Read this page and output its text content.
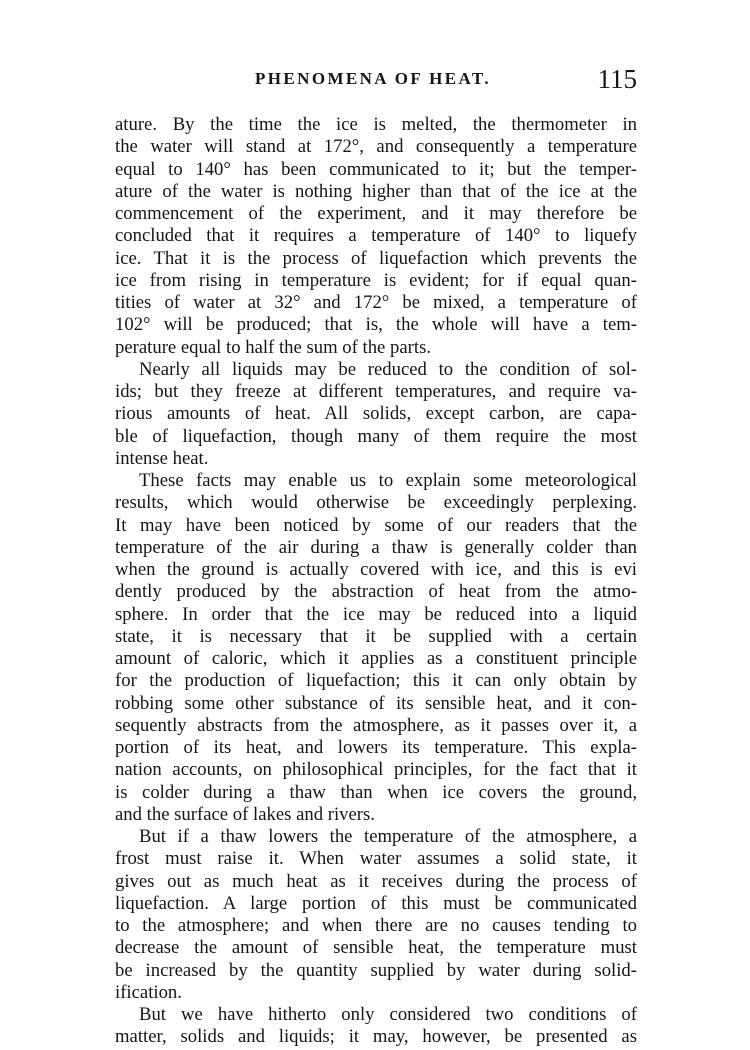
PHENOMENA OF HEAT.	115
ature. By the time the ice is melted, the thermometer in
the water will stand at 172°, and consequently a temperature
equal to 140° has been communicated to it; but the temper-
ature of the water is nothing higher than that of the ice at the
commencement of the experiment, and it may therefore be
concluded that it requires a temperature of 140° to liquefy
ice. That it is the process of liquefaction which prevents the
ice from rising in temperature is evident; for if equal quan-
tities of water at 32° and 172° be mixed, a temperature of
102° will be produced; that is, the whole will have a tem-
perature equal to half the sum of the parts.
Nearly all liquids may be reduced to the condition of sol-
ids; but they freeze at different temperatures, and require va-
rious amounts of heat. All solids, except carbon, are capa-
ble of liquefaction, though many of them require the most
intense heat.
These facts may enable us to explain some meteorological
results, which would otherwise be exceedingly perplexing.
It may have been noticed by some of our readers that the
temperature of the air during a thaw is generally colder than
when the ground is actually covered with ice, and this is evi
dently produced by the abstraction of heat from the atmo-
sphere. In order that the ice may be reduced into a liquid
state, it is necessary that it be supplied with a certain
amount of caloric, which it applies as a constituent principle
for the production of liquefaction; this it can only obtain by
robbing some other substance of its sensible heat, and it con-
sequently abstracts from the atmosphere, as it passes over it, a
portion of its heat, and lowers its temperature. This expla-
nation accounts, on philosophical principles, for the fact that it
is colder during a thaw than when ice covers the ground,
and the surface of lakes and rivers.
But if a thaw lowers the temperature of the atmosphere, a
frost must raise it. When water assumes a solid state, it
gives out as much heat as it receives during the process of
liquefaction. A large portion of this must be communicated
to the atmosphere; and when there are no causes tending to
decrease the amount of sensible heat, the temperature must
be increased by the quantity supplied by water during solid-
ification.
But we have hitherto only considered two conditions of
matter, solids and liquids; it may, however, be presented as
